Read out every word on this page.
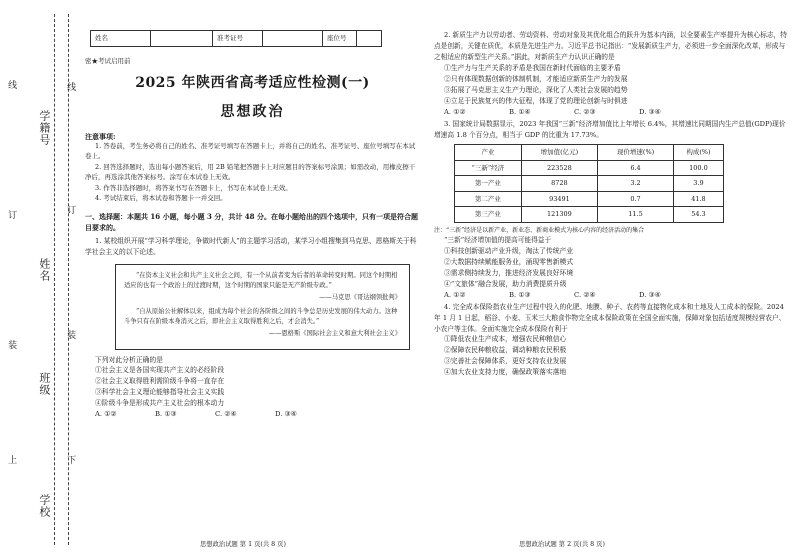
学籍号
姓名
班级
学校
线
订
装
装
订
线
上	下
姓名		准考证号		座位号	
密★考试启用前
2025 年陕西省高考适应性检测(一)
思想政治
注意事项:
1. 答卷前，考生务必将自己的姓名、准考证号填写在答题卡上，并将自己的姓名、准考证号、座位号填写在本试卷上。
2. 回答选择题时，选出每小题答案后，用 2B 铅笔把答题卡上对应题目的答案标号涂黑；如需改动，用橡皮擦干净后，再选涂其他答案标号。涂写在本试卷上无效。
3. 作答非选择题时，将答案书写在答题卡上，书写在本试卷上无效。
4. 考试结束后，将本试卷和答题卡一并交回。
一、选择题：本题共 16 小题，每小题 3 分，共计 48 分。在每小题给出的四个选项中，只有一项是符合题目要求的。
1. 某校组织开展“学习科学理论，争做时代新人”的主题学习活动，某学习小组搜集到马克思、恩格斯关于科学社会主义的以下论述。
“在资本主义社会和共产主义社会之间，有一个从前者变为后者的革命转变时期。同这个时期相适应的也有一个政治上的过渡时期，这个时期的国家只能是无产阶级专政。”
——马克思《哥达纲领批判》
“自从原始公社解体以来，组成为每个社会的各阶级之间的斗争总是历史发展的伟大动力。这种斗争只有在阶级本身消灭之后，即社会主义取得胜利之后，才会消失。”
——恩格斯《国际社会主义和意大利社会主义》
下列对此分析正确的是
①社会主义是各国实现共产主义的必经阶段
②社会主义取得胜利需阶级斗争将一直存在
③科学社会主义理论能够指导社会主义实践
④阶级斗争是形成共产主义社会的根本动力
A. ①②	B. ①③	C. ②④	D. ③④
思想政治试题 第 1 页(共 8 页)
2. 新质生产力以劳动者、劳动资料、劳动对象及其优化组合的跃升为基本内涵，以全要素生产率提升为核心标志，特点是创新，关键在质优，本质是先进生产力。习近平总书记指出：“发展新质生产力，必须进一步全面深化改革，形成与之相适应的新型生产关系。”据此，对新质生产力认识正确的是
①生产力与生产关系的矛盾是我国在新时代面临的主要矛盾
②只有体现数据创新的体制机制，才能适应新质生产力的发展
③拓展了马克思主义生产力理论，深化了人类社会发展的趋势
④立足于民族复兴的伟大征程，体现了党的理论创新与时俱进
A. ①②	B. ①④	C. ②③	D. ③④
3. 国家统计局数据显示，2023 年我国“三新”经济增加值比上年增长 6.4%，其增速比同期国内生产总值(GDP)现价增速高 1.8 个百分点，相当于 GDP 的比重为 17.73%。
产业	增加值(亿元)	现价增速(%)	构成(%)
“三新”经济	223528	6.4	100.0
第一产业	8728	3.2	3.9
第二产业	93491	0.7	41.8
第三产业	121309	11.5	54.3
注：“三新”经济是以新产业、新业态、新商业模式为核心内容的经济活动的集合
“三新”经济增加值的提高可能得益于
①科技创新驱动产业升级，淘汰了传统产业
②大数据持续赋能服务业，涌现零售新模式
③需求侧持续发力，推进经济发展良好环境
④“文旅体”融合发展，助力消费提质升级
A. ①②	B. ①③	C. ②④	D. ③④
4. 完全成本保险指农业生产过程中投入的化肥、地膜、种子、农药等直接物化成本和土地及人工成本的保险。2024 年 1 月 1 日起，稻谷、小麦、玉米三大粮食作物完全成本保险政策在全国全面实施，保障对象包括适度规模经营农户、小农户等主体。全面实施完全成本保险有利于
①降低农业生产成本，增强农民种粮信心
②保障农民种粮收益，调动种粮农民积极
③完善社会保障体系，更好支持农业发展
④加大农业支持力度，确保政策落实落地
思想政治试题 第 2 页(共 8 页)
